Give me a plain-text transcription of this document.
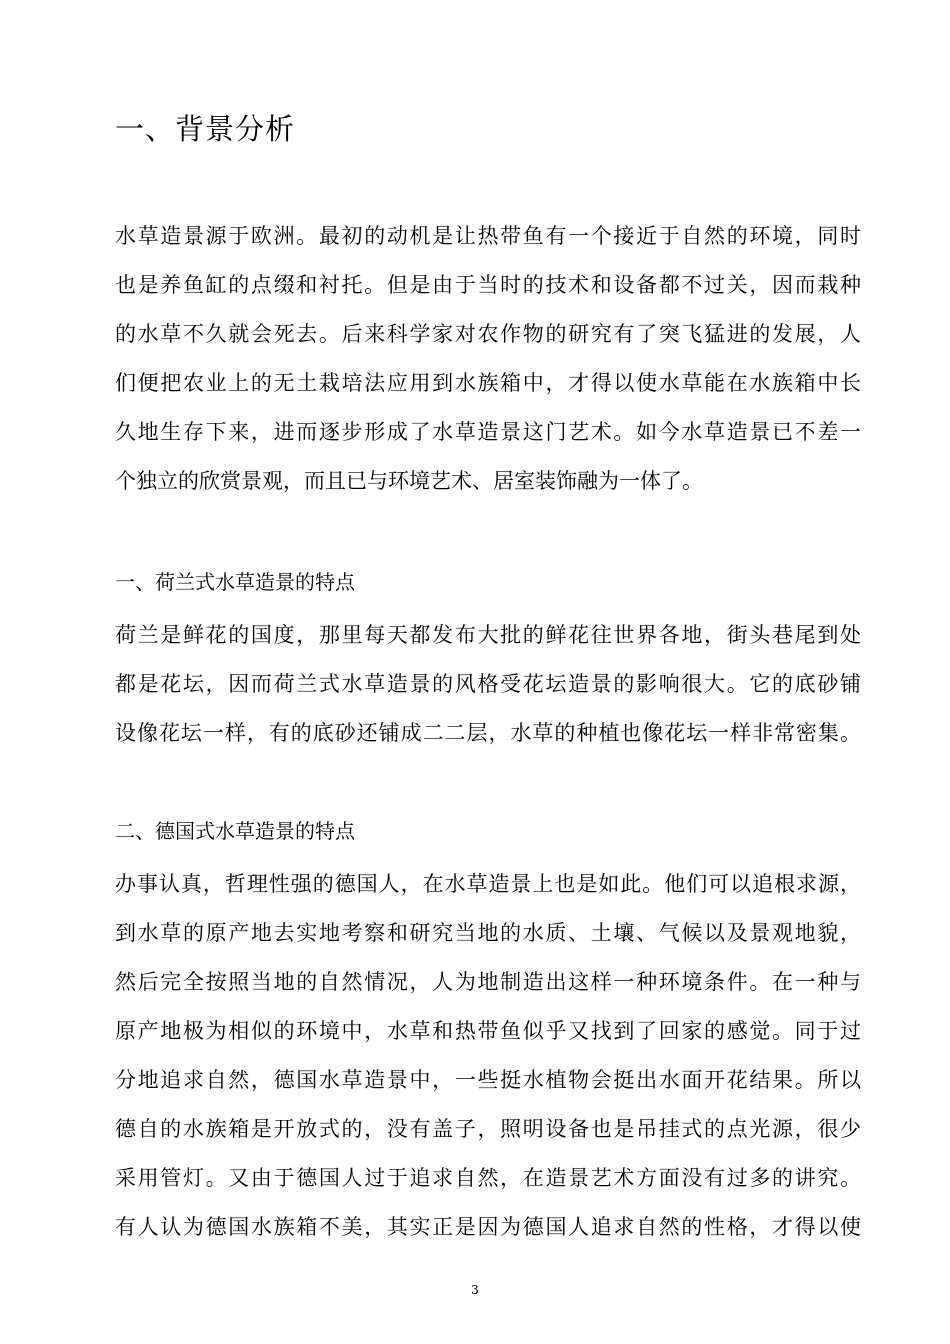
一、背景分析
水草造景源于欧洲。最初的动机是让热带鱼有一个接近于自然的环境，同时
也是养鱼缸的点缀和衬托。但是由于当时的技术和设备都不过关，因而栽种
的水草不久就会死去。后来科学家对农作物的研究有了突飞猛进的发展，人
们便把农业上的无土栽培法应用到水族箱中，才得以使水草能在水族箱中长
久地生存下来，进而逐步形成了水草造景这门艺术。如今水草造景已不差一
个独立的欣赏景观，而且已与环境艺术、居室装饰融为一体了。
一、荷兰式水草造景的特点
荷兰是鲜花的国度，那里每天都发布大批的鲜花往世界各地，街头巷尾到处
都是花坛，因而荷兰式水草造景的风格受花坛造景的影响很大。它的底砂铺
设像花坛一样，有的底砂还铺成二二层，水草的种植也像花坛一样非常密集。
二、德国式水草造景的特点
办事认真，哲理性强的德国人，在水草造景上也是如此。他们可以追根求源，
到水草的原产地去实地考察和研究当地的水质、土壤、气候以及景观地貌，
然后完全按照当地的自然情况，人为地制造出这样一种环境条件。在一种与
原产地极为相似的环境中，水草和热带鱼似乎又找到了回家的感觉。同于过
分地追求自然，德国水草造景中，一些挺水植物会挺出水面开花结果。所以
德自的水族箱是开放式的，没有盖子，照明设备也是吊挂式的点光源，很少
采用管灯。又由于德国人过于追求自然，在造景艺术方面没有过多的讲究。
有人认为德国水族箱不美，其实正是因为德国人追求自然的性格，才得以使
3
